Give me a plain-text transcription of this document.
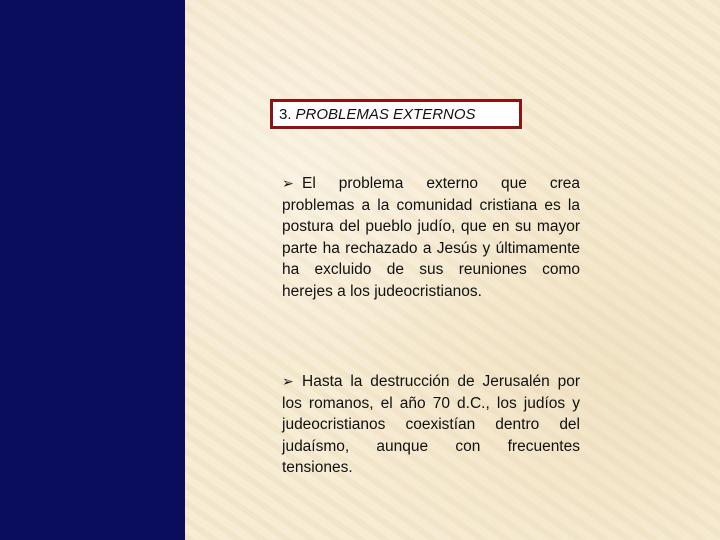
3. PROBLEMAS EXTERNOS
➢ El problema externo que crea problemas a la comunidad cristiana es la postura del pueblo judío, que en su mayor parte ha rechazado a Jesús y últimamente ha excluido de sus reuniones como herejes a los judeocristianos.
➢ Hasta la destrucción de Jerusalén por los romanos, el año 70 d.C., los judíos y judeocristianos coexistían dentro del judaísmo, aunque con frecuentes tensiones.
